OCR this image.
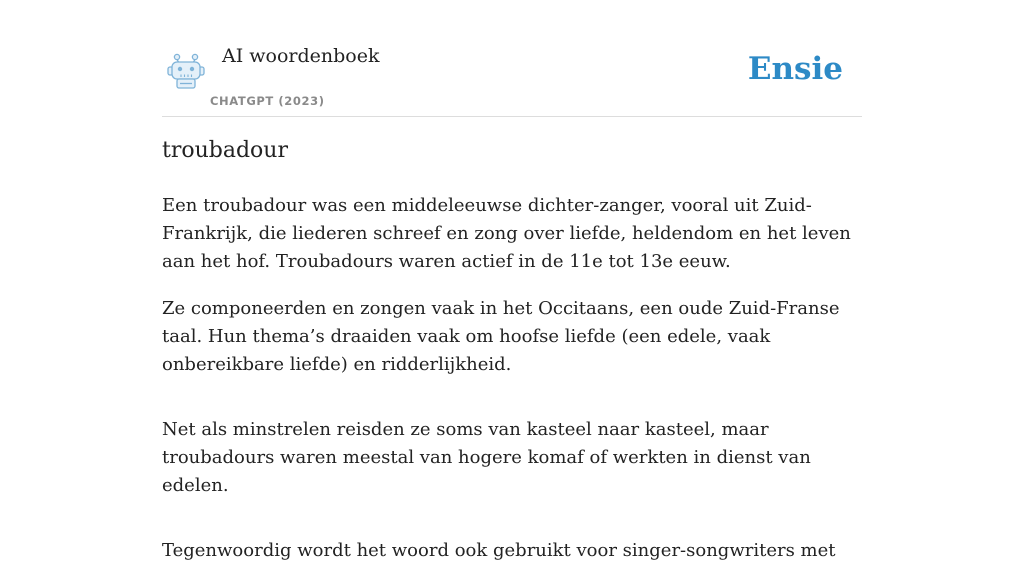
AI woordenboek
CHATGPT (2023)
Ensie
troubadour

Een troubadour was een middeleeuwse dichter-zanger, vooral uit Zuid-Frankrijk, die liederen schreef en zong over liefde, heldendom en het leven aan het hof. Troubadours waren actief in de 11e tot 13e eeuw.

Ze componeerden en zongen vaak in het Occitaans, een oude Zuid-Franse taal. Hun thema’s draaiden vaak om hoofse liefde (een edele, vaak onbereikbare liefde) en ridderlijkheid.

Net als minstrelen reisden ze soms van kasteel naar kasteel, maar troubadours waren meestal van hogere komaf of werkten in dienst van edelen.

Tegenwoordig wordt het woord ook gebruikt voor singer-songwriters met
